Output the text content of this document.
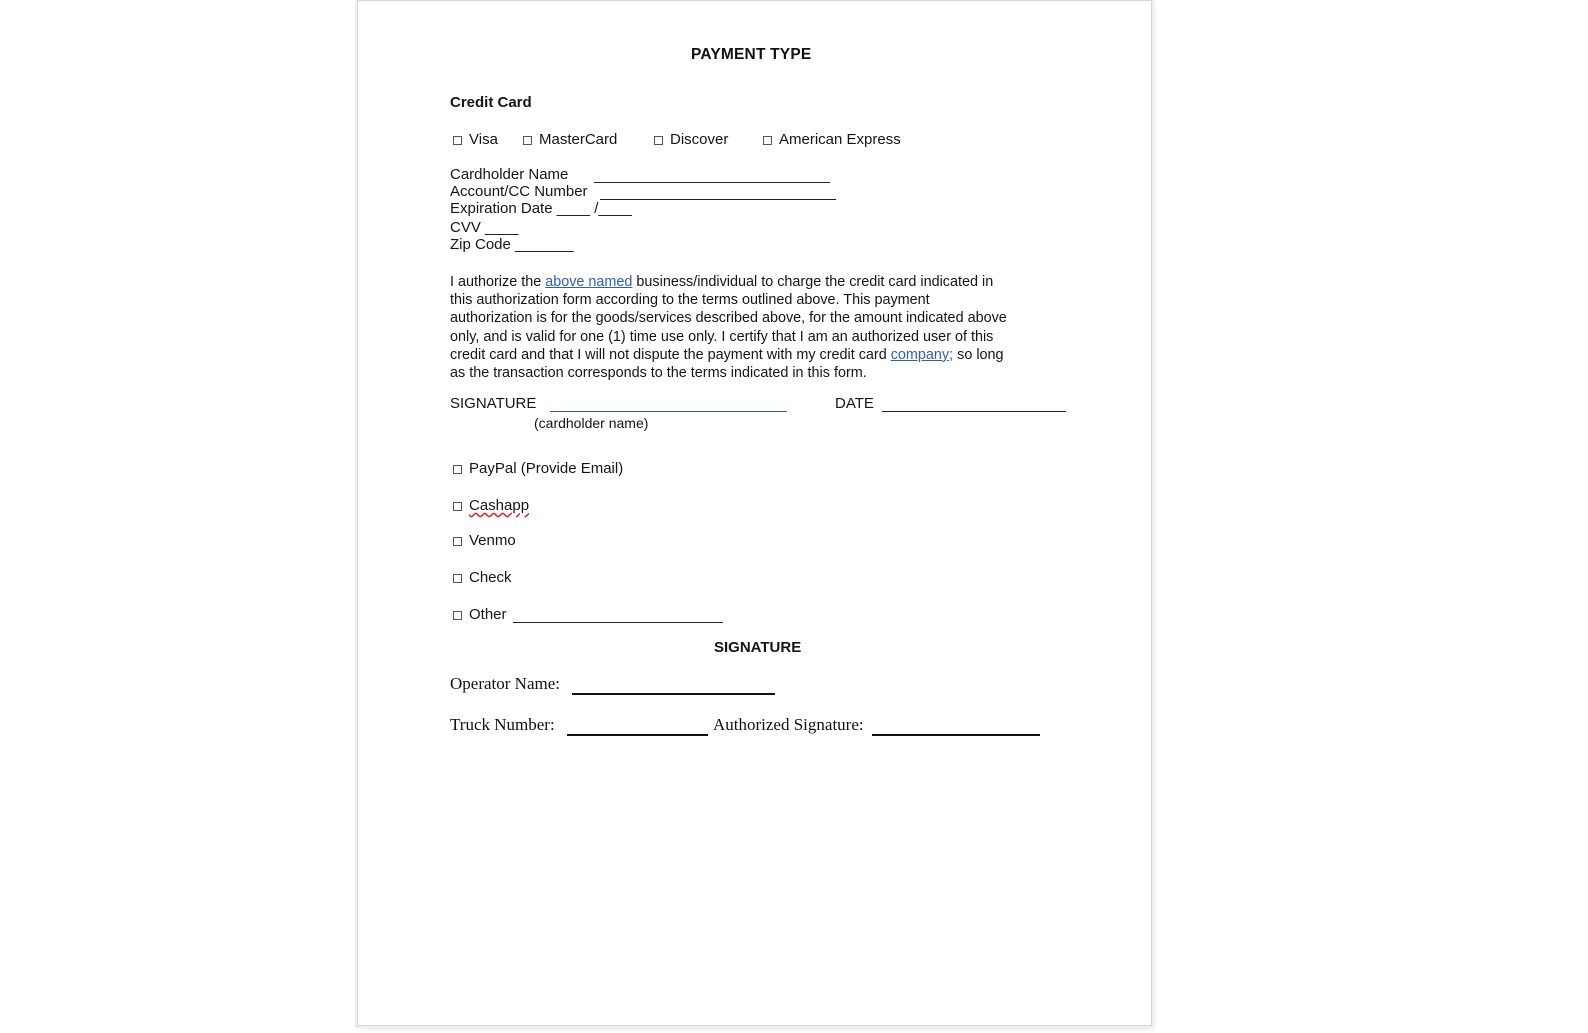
PAYMENT TYPE
Credit Card
Visa	MasterCard	Discover	American Express
Cardholder Name
Account/CC Number
Expiration Date ____ /____
CVV ____
Zip Code _______
I authorize the above named business/individual to charge the credit card indicated in
this authorization form according to the terms outlined above. This payment
authorization is for the goods/services described above, for the amount indicated above
only, and is valid for one (1) time use only. I certify that I am an authorized user of this
credit card and that I will not dispute the payment with my credit card company; so long
as the transaction corresponds to the terms indicated in this form.
SIGNATURE
(cardholder name)
DATE
PayPal (Provide Email)
Cashapp
Venmo
Check
Other
SIGNATURE
Operator Name:
Truck Number:	Authorized Signature:
